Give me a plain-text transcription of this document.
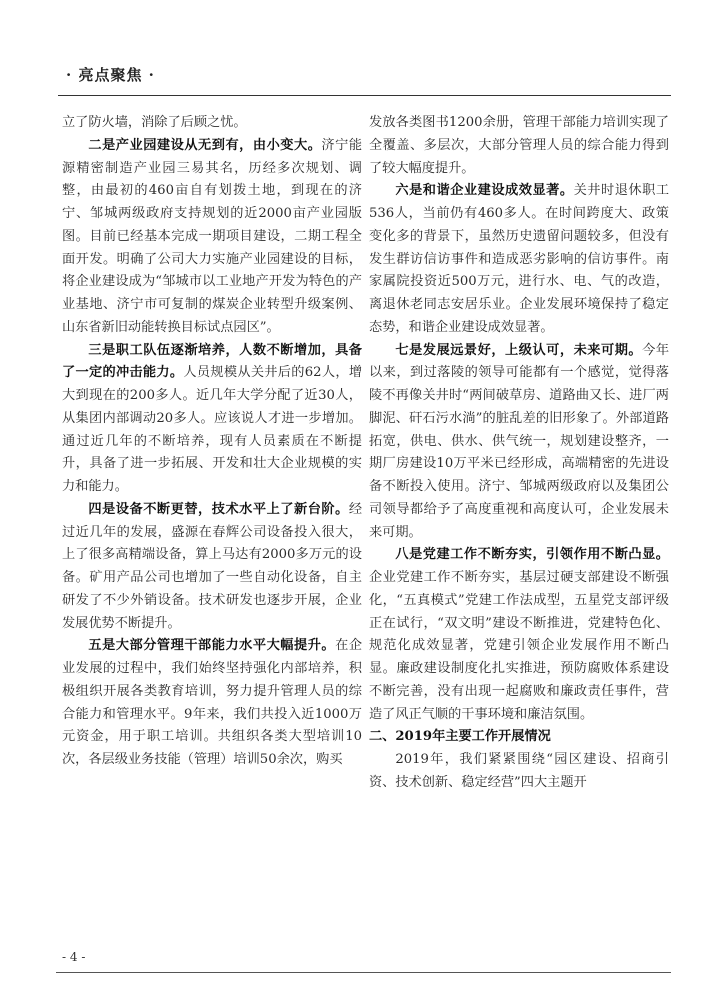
· 亮点聚焦 ·

立了防火墙，消除了后顾之忧。

二是产业园建设从无到有，由小变大。济宁能源精密制造产业园三易其名，历经多次规划、调整，由最初的460亩自有划拨土地，到现在的济宁、邹城两级政府支持规划的近2000亩产业园版图。目前已经基本完成一期项目建设，二期工程全面开发。明确了公司大力实施产业园建设的目标，将企业建设成为“邹城市以工业地产开发为特色的产业基地、济宁市可复制的煤炭企业转型升级案例、山东省新旧动能转换目标试点园区”。

三是职工队伍逐渐培养，人数不断增加，具备了一定的冲击能力。人员规模从关井后的62人，增大到现在的200多人。近几年大学分配了近30人，从集团内部调动20多人。应该说人才进一步增加。通过近几年的不断培养，现有人员素质在不断提升，具备了进一步拓展、开发和壮大企业规模的实力和能力。

四是设备不断更替，技术水平上了新台阶。经过近几年的发展，盛源在春辉公司设备投入很大，上了很多高精端设备，算上马达有2000多万元的设备。矿用产品公司也增加了一些自动化设备，自主研发了不少外销设备。技术研发也逐步开展，企业发展优势不断提升。

五是大部分管理干部能力水平大幅提升。在企业发展的过程中，我们始终坚持强化内部培养，积极组织开展各类教育培训，努力提升管理人员的综合能力和管理水平。9年来，我们共投入近1000万元资金，用于职工培训。共组织各类大型培训10次，各层级业务技能（管理）培训50余次，购买

发放各类图书1200余册，管理干部能力培训实现了全覆盖、多层次，大部分管理人员的综合能力得到了较大幅度提升。

六是和谐企业建设成效显著。关井时退休职工536人，当前仍有460多人。在时间跨度大、政策变化多的背景下，虽然历史遗留问题较多，但没有发生群访信访事件和造成恶劣影响的信访事件。南家属院投资近500万元，进行水、电、气的改造，离退休老同志安居乐业。企业发展环境保持了稳定态势，和谐企业建设成效显著。

七是发展远景好，上级认可，未来可期。今年以来，到过落陵的领导可能都有一个感觉，觉得落陵不再像关井时“两间破草房、道路曲又长、进厂两脚泥、矸石污水淌”的脏乱差的旧形象了。外部道路拓宽，供电、供水、供气统一，规划建设整齐，一期厂房建设10万平米已经形成，高端精密的先进设备不断投入使用。济宁、邹城两级政府以及集团公司领导都给予了高度重视和高度认可，企业发展未来可期。

八是党建工作不断夯实，引领作用不断凸显。企业党建工作不断夯实，基层过硬支部建设不断强化，“五真模式”党建工作法成型，五星党支部评级正在试行，“双文明”建设不断推进，党建特色化、规范化成效显著，党建引领企业发展作用不断凸显。廉政建设制度化扎实推进，预防腐败体系建设不断完善，没有出现一起腐败和廉政责任事件，营造了风正气顺的干事环境和廉洁氛围。

二、2019年主要工作开展情况

2019年，我们紧紧围绕“园区建设、招商引资、技术创新、稳定经营”四大主题开

- 4 -
